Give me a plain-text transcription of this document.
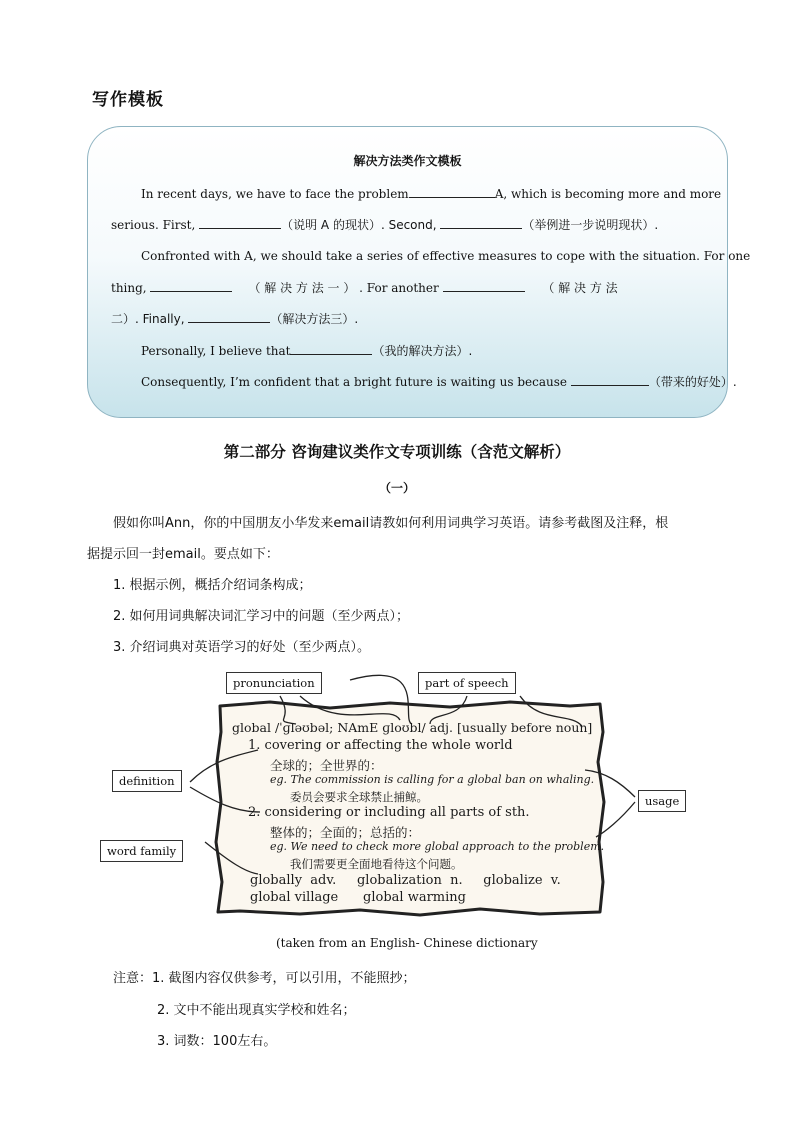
写作模板
解决方法类作文模板
In recent days, we have to face the problem	A, which is becoming more and more
serious. First,	（说明 A 的现状）. Second,	（举例进一步说明现状）.
Confronted with A, we should take a series of effective measures to cope with the situation. For one
thing,	（ 解 决 方 法 一 ） . For another	（ 解 决 方 法
二）. Finally,	（解决方法三）.
Personally, I believe that	（我的解决方法）.
Consequently, I’m confident that a bright future is waiting us because	（带来的好处）.
第二部分 咨询建议类作文专项训练（含范文解析）
（一）
假如你叫Ann，你的中国朋友小华发来email请教如何利用词典学习英语。请参考截图及注释，根
据提示回一封email。要点如下：
1. 根据示例，概括介绍词条构成；
2. 如何用词典解决词汇学习中的问题（至少两点）；
3. 介绍词典对英语学习的好处（至少两点）。
pronunciation	part of speech
definition
usage
word family
global /ˈɡləʊbəl; NAmE ɡloʊbl/ adj. [usually before noun]
1. covering or affecting the whole world
全球的；全世界的：
eg. The commission is calling for a global ban on whaling.
委员会要求全球禁止捕鲸。
2. considering or including all parts of sth.
整体的；全面的；总括的：
eg. We need to check more global approach to the problem.
我们需要更全面地看待这个问题。
globally  adv.     globalization  n.     globalize  v.
global village      global warming
(taken from an English- Chinese dictionary
注意：1. 截图内容仅供参考，可以引用，不能照抄；
2. 文中不能出现真实学校和姓名；
3. 词数：100左右。
